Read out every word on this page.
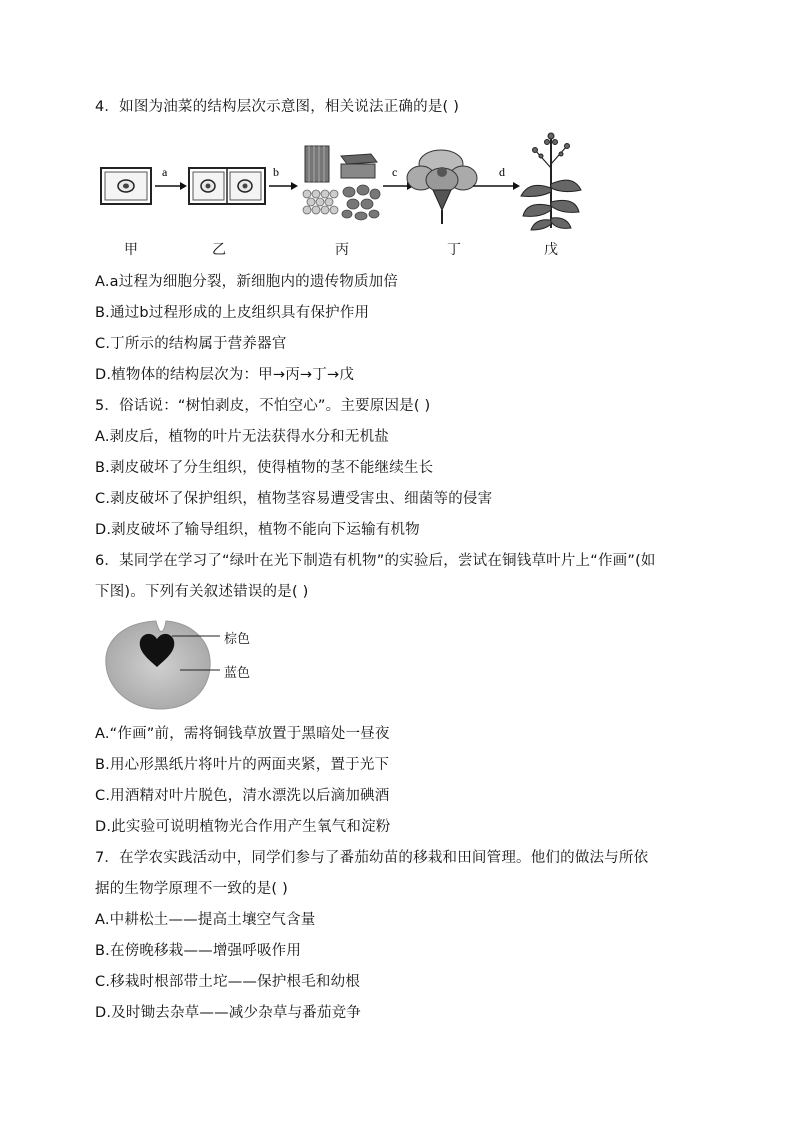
4．如图为油菜的结构层次示意图，相关说法正确的是( )
a	b	c	d
甲	乙	丙	丁	戊
A.a过程为细胞分裂，新细胞内的遗传物质加倍
B.通过b过程形成的上皮组织具有保护作用
C.丁所示的结构属于营养器官
D.植物体的结构层次为：甲→丙→丁→戊
5．俗话说：“树怕剥皮，不怕空心”。主要原因是( )
A.剥皮后，植物的叶片无法获得水分和无机盐
B.剥皮破坏了分生组织，使得植物的茎不能继续生长
C.剥皮破坏了保护组织，植物茎容易遭受害虫、细菌等的侵害
D.剥皮破坏了输导组织，植物不能向下运输有机物
6．某同学在学习了“绿叶在光下制造有机物”的实验后，尝试在铜钱草叶片上“作画”(如
下图)。下列有关叙述错误的是( )
棕色
蓝色
A.“作画”前，需将铜钱草放置于黑暗处一昼夜
B.用心形黑纸片将叶片的两面夹紧，置于光下
C.用酒精对叶片脱色，清水漂洗以后滴加碘酒
D.此实验可说明植物光合作用产生氧气和淀粉
7．在学农实践活动中，同学们参与了番茄幼苗的移栽和田间管理。他们的做法与所依
据的生物学原理不一致的是( )
A.中耕松土——提高土壤空气含量
B.在傍晚移栽——增强呼吸作用
C.移栽时根部带土坨——保护根毛和幼根
D.及时锄去杂草——减少杂草与番茄竞争
